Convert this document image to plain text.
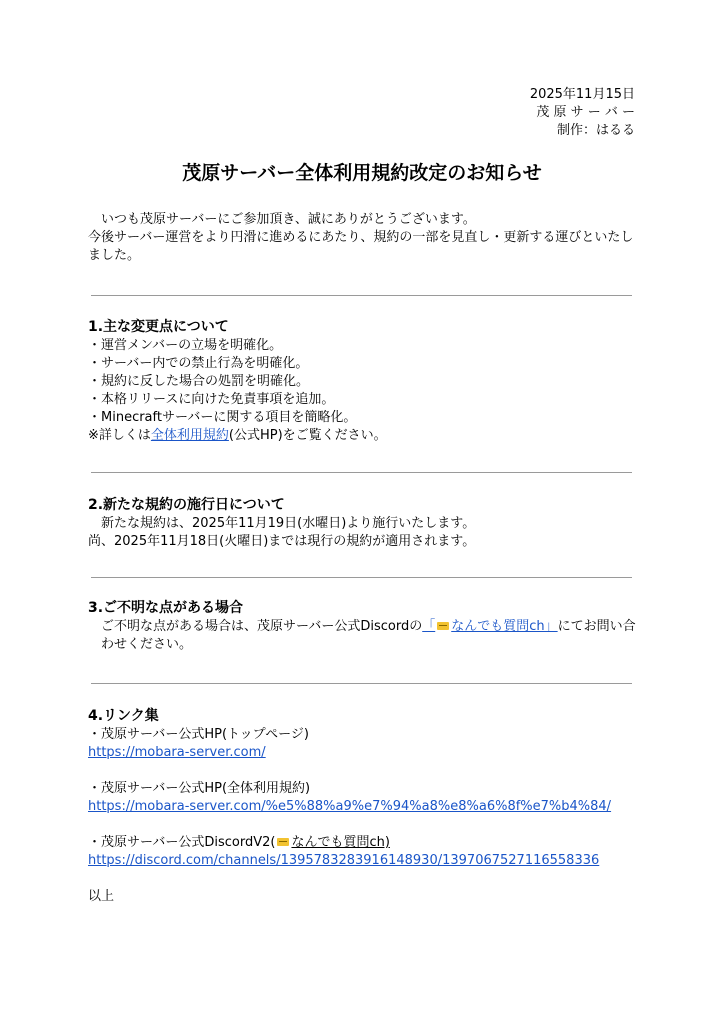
2025年11月15日
茂 原 サ ー バ ー
制作：はるる
茂原サーバー全体利用規約改定のお知らせ

いつも茂原サーバーにご参加頂き、誠にありがとうございます。

今後サーバー運営をより円滑に進めるにあたり、規約の一部を見直し・更新する運びといたしました。

1.主な変更点について

・運営メンバーの立場を明確化。

・サーバー内での禁止行為を明確化。

・規約に反した場合の処罰を明確化。

・本格リリースに向けた免責事項を追加。

・Minecraftサーバーに関する項目を簡略化。

※詳しくは全体利用規約(公式HP)をご覧ください。

2.新たな規約の施行日について

新たな規約は、2025年11月19日(水曜日)より施行いたします。

尚、2025年11月18日(火曜日)までは現行の規約が適用されます。

3.ご不明な点がある場合

ご不明な点がある場合は、茂原サーバー公式Discordの「 なんでも質問ch」にてお問い合わせください。

4.リンク集

・茂原サーバー公式HP(トップページ)

https://mobara-server.com/

・茂原サーバー公式HP(全体利用規約)

https://mobara-server.com/%e5%88%a9%e7%94%a8%e8%a6%8f%e7%b4%84/

・茂原サーバー公式DiscordV2( なんでも質問ch)

https://discord.com/channels/1395783283916148930/1397067527116558336

以上
